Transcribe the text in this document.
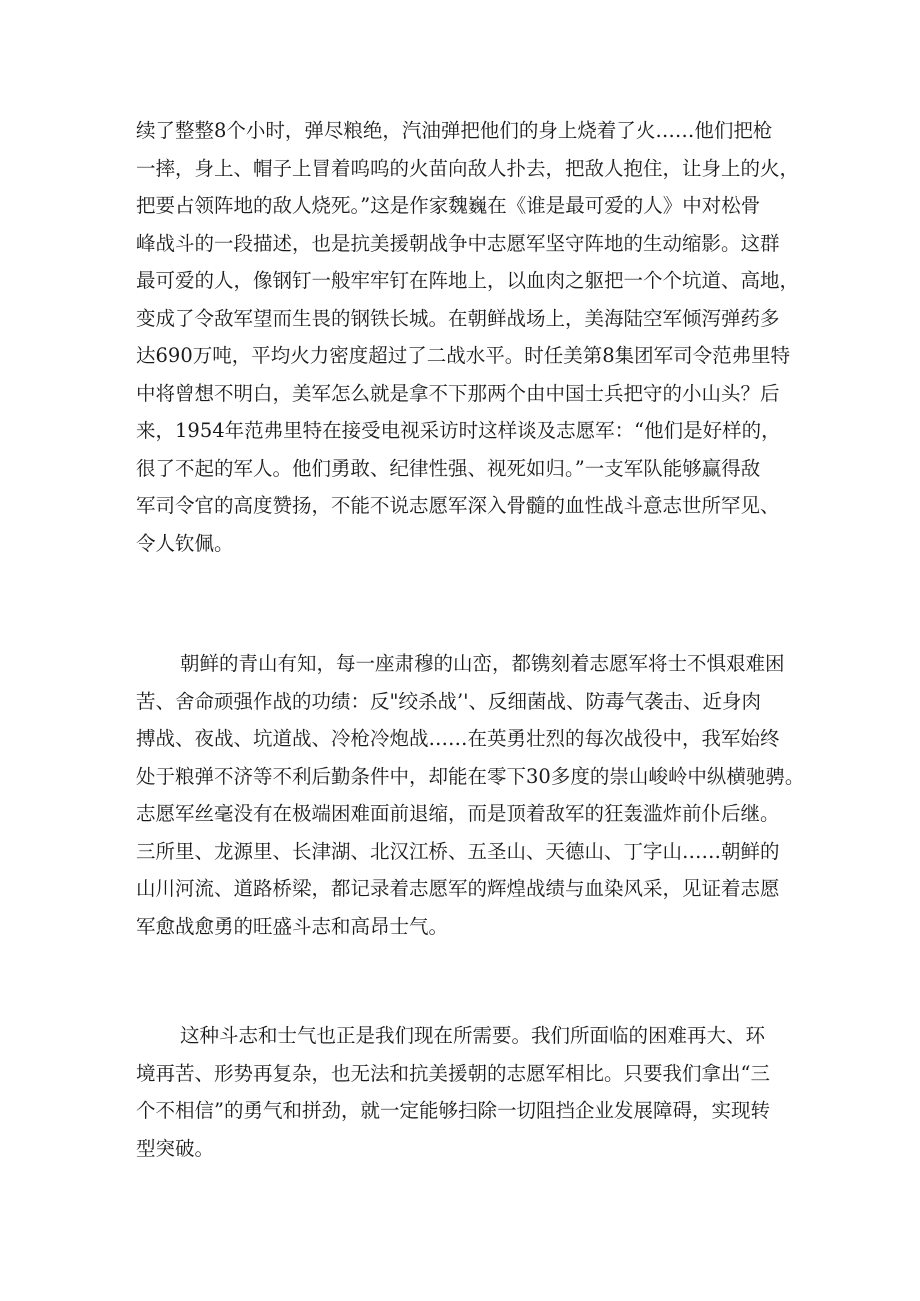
续了整整8个小时，弹尽粮绝，汽油弹把他们的身上烧着了火……他们把枪
一摔，身上、帽子上冒着呜呜的火苗向敌人扑去，把敌人抱住，让身上的火，
把要占领阵地的敌人烧死。”这是作家魏巍在《谁是最可爱的人》中对松骨
峰战斗的一段描述，也是抗美援朝战争中志愿军坚守阵地的生动缩影。这群
最可爱的人，像钢钉一般牢牢钉在阵地上，以血肉之躯把一个个坑道、高地，
变成了令敌军望而生畏的钢铁长城。在朝鲜战场上，美海陆空军倾泻弹药多
达690万吨，平均火力密度超过了二战水平。时任美第8集团军司令范弗里特
中将曾想不明白，美军怎么就是拿不下那两个由中国士兵把守的小山头？后
来，1954年范弗里特在接受电视采访时这样谈及志愿军：“他们是好样的，
很了不起的军人。他们勇敢、纪律性强、视死如归。”一支军队能够赢得敌
军司令官的高度赞扬，不能不说志愿军深入骨髓的血性战斗意志世所罕见、
令人钦佩。
朝鲜的青山有知，每一座肃穆的山峦，都镌刻着志愿军将士不惧艰难困
苦、舍命顽强作战的功绩：反"绞杀战’'、反细菌战、防毒气袭击、近身肉
搏战、夜战、坑道战、冷枪冷炮战……在英勇壮烈的每次战役中，我军始终
处于粮弹不济等不利后勤条件中，却能在零下30多度的崇山峻岭中纵横驰骋。
志愿军丝毫没有在极端困难面前退缩，而是顶着敌军的狂轰滥炸前仆后继。
三所里、龙源里、长津湖、北汉江桥、五圣山、天德山、丁字山……朝鲜的
山川河流、道路桥梁，都记录着志愿军的辉煌战绩与血染风采，见证着志愿
军愈战愈勇的旺盛斗志和高昂士气。
这种斗志和士气也正是我们现在所需要。我们所面临的困难再大、环
境再苦、形势再复杂，也无法和抗美援朝的志愿军相比。只要我们拿出“三
个不相信”的勇气和拼劲，就一定能够扫除一切阻挡企业发展障碍，实现转
型突破。
